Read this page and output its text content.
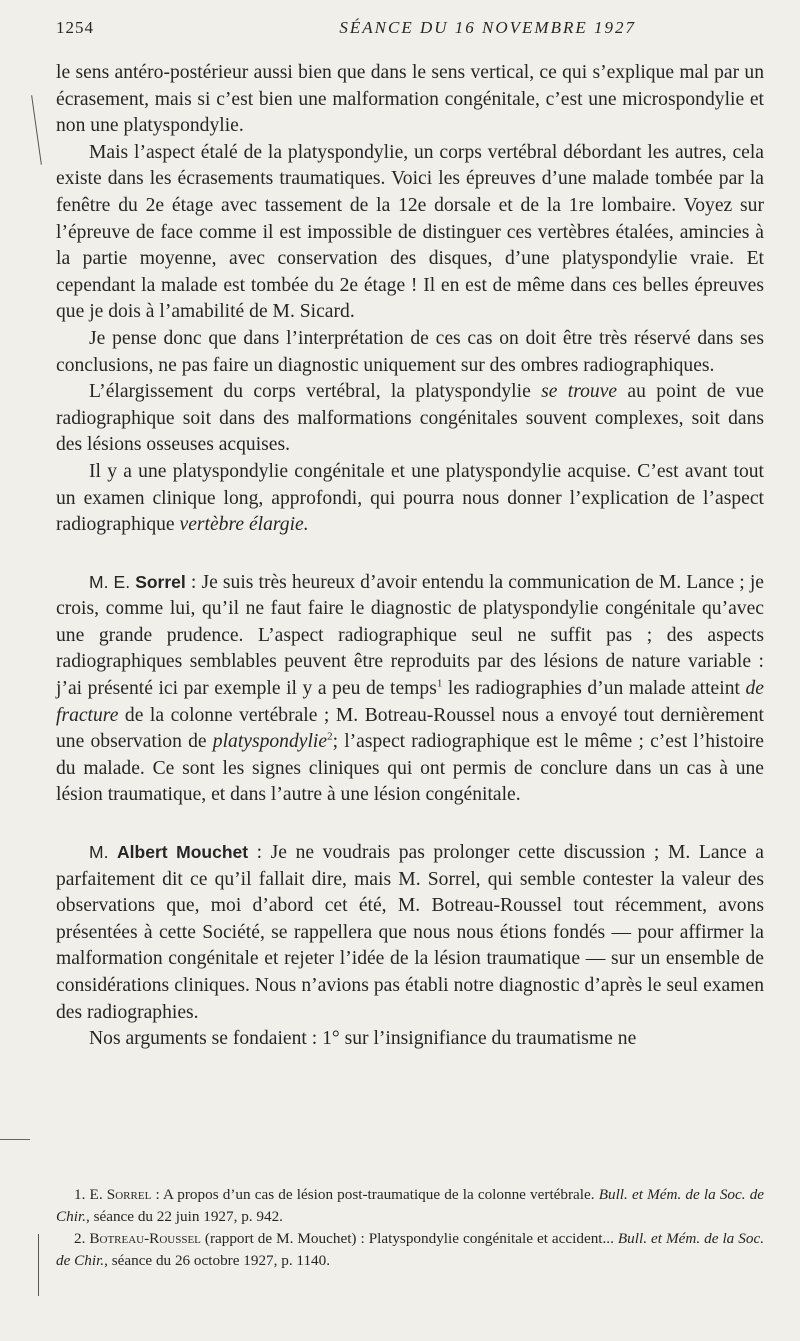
1254	SÉANCE DU 16 NOVEMBRE 1927

le sens antéro-postérieur aussi bien que dans le sens vertical, ce qui s’explique mal par un écrasement, mais si c’est bien une malformation congénitale, c’est une microspondylie et non une platyspondylie.

Mais l’aspect étalé de la platyspondylie, un corps vertébral débordant les autres, cela existe dans les écrasements traumatiques. Voici les épreuves d’une malade tombée par la fenêtre du 2e étage avec tassement de la 12e dorsale et de la 1re lombaire. Voyez sur l’épreuve de face comme il est impossible de distinguer ces vertèbres étalées, amincies à la partie moyenne, avec conservation des disques, d’une platyspondylie vraie. Et cependant la malade est tombée du 2e étage ! Il en est de même dans ces belles épreuves que je dois à l’amabilité de M. Sicard.

Je pense donc que dans l’interprétation de ces cas on doit être très réservé dans ses conclusions, ne pas faire un diagnostic uniquement sur des ombres radiographiques.

L’élargissement du corps vertébral, la platyspondylie se trouve au point de vue radiographique soit dans des malformations congénitales souvent complexes, soit dans des lésions osseuses acquises.

Il y a une platyspondylie congénitale et une platyspondylie acquise. C’est avant tout un examen clinique long, approfondi, qui pourra nous donner l’explication de l’aspect radiographique vertèbre élargie.

M. E. Sorrel : Je suis très heureux d’avoir entendu la communication de M. Lance ; je crois, comme lui, qu’il ne faut faire le diagnostic de platyspondylie congénitale qu’avec une grande prudence. L’aspect radiographique seul ne suffit pas ; des aspects radiographiques semblables peuvent être reproduits par des lésions de nature variable : j’ai présenté ici par exemple il y a peu de temps$^1$ les radiographies d’un malade atteint de fracture de la colonne vertébrale ; M. Botreau-Roussel nous a envoyé tout dernièrement une observation de platyspondylie$^2$; l’aspect radiographique est le même ; c’est l’histoire du malade. Ce sont les signes cliniques qui ont permis de conclure dans un cas à une lésion traumatique, et dans l’autre à une lésion congénitale.

M. Albert Mouchet : Je ne voudrais pas prolonger cette discussion ; M. Lance a parfaitement dit ce qu’il fallait dire, mais M. Sorrel, qui semble contester la valeur des observations que, moi d’abord cet été, M. Botreau-Roussel tout récemment, avons présentées à cette Société, se rappellera que nous nous étions fondés — pour affirmer la malformation congénitale et rejeter l’idée de la lésion traumatique — sur un ensemble de considérations cliniques. Nous n’avions pas établi notre diagnostic d’après le seul examen des radiographies.

Nos arguments se fondaient : 1° sur l’insignifiance du traumatisme ne

1. E. Sorrel : A propos d’un cas de lésion post-traumatique de la colonne vertébrale. Bull. et Mém. de la Soc. de Chir., séance du 22 juin 1927, p. 942.

2. Botreau-Roussel (rapport de M. Mouchet) : Platyspondylie congénitale et accident... Bull. et Mém. de la Soc. de Chir., séance du 26 octobre 1927, p. 1140.
